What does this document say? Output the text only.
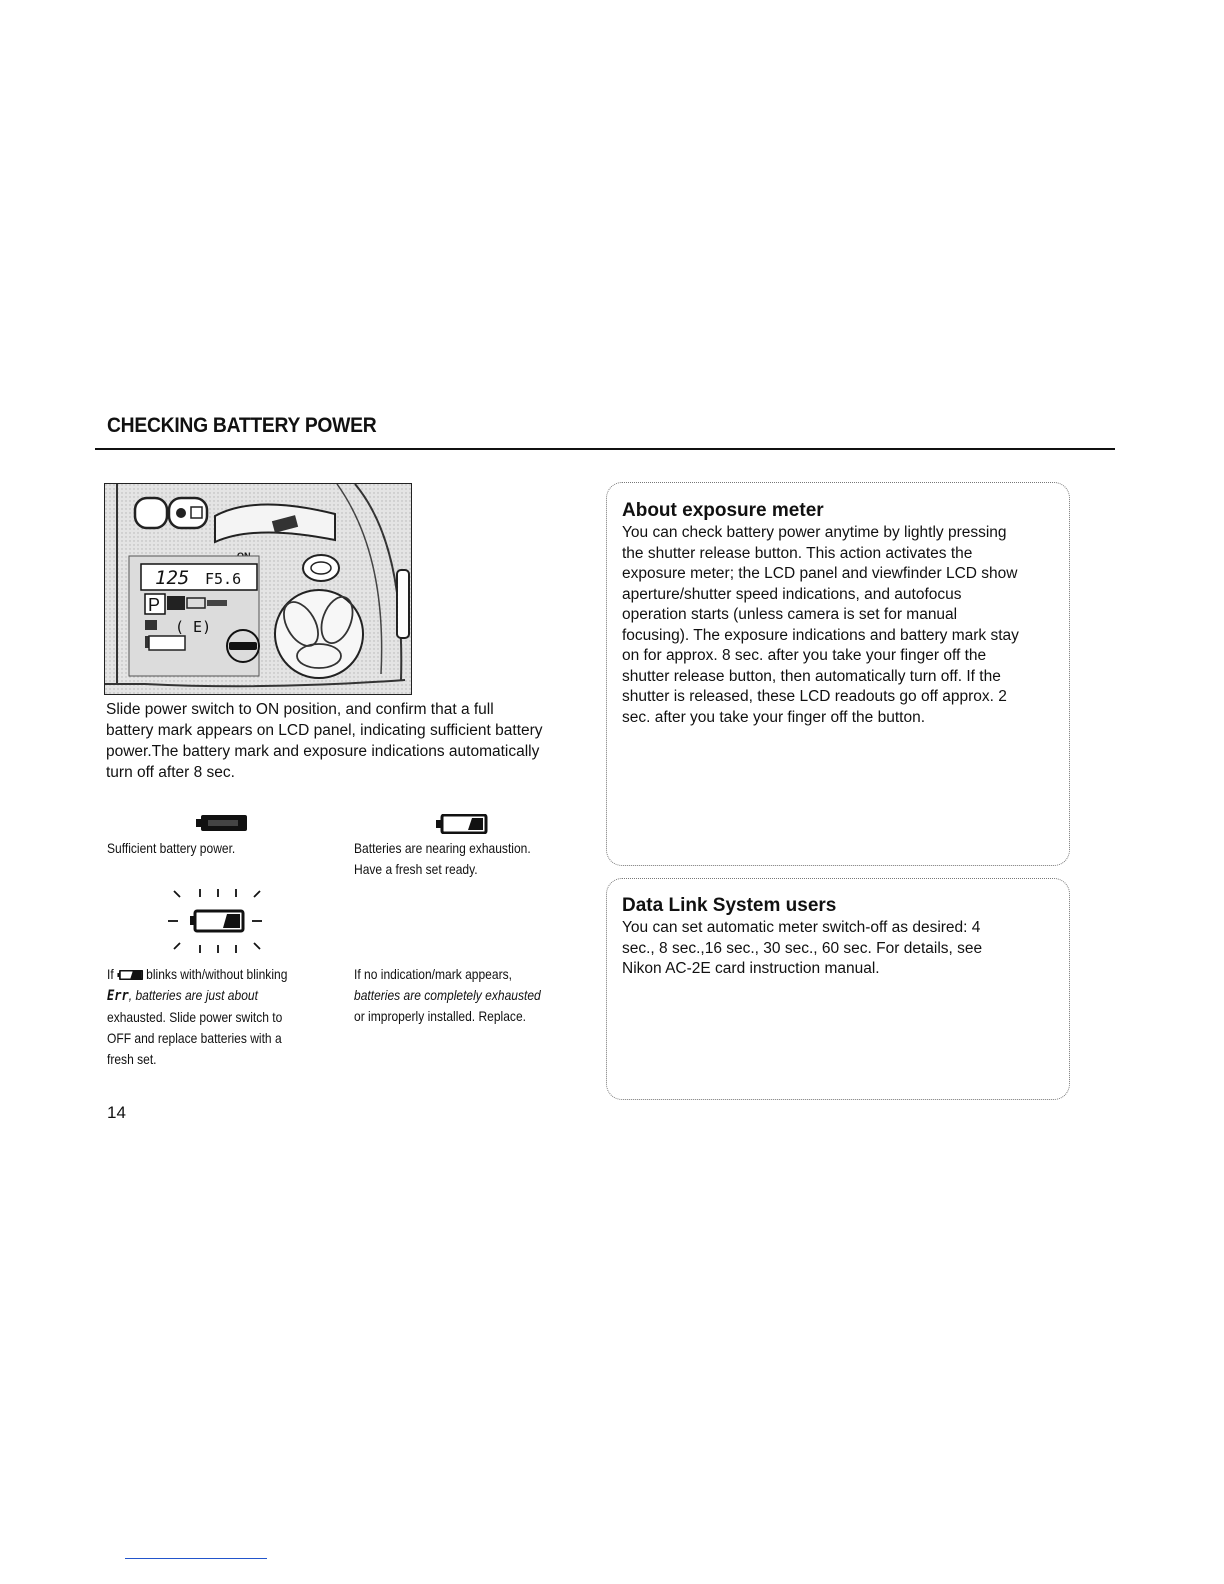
CHECKING BATTERY POWER
125 F5.6
P
( E)
Slide power switch to ON position, and confirm that a full
battery mark appears on LCD panel, indicating sufficient battery
power.The battery mark and exposure indications automatically
turn off after 8 sec.
Sufficient battery power.	Batteries are nearing exhaustion.
Have a fresh set ready.
If blinks with/without blinking
Err, batteries are just about
exhausted. Slide power switch to
OFF and replace batteries with a
fresh set.
If no indication/mark appears,
batteries are completely exhausted
or improperly installed. Replace.
14
About exposure meter
You can check battery power anytime by lightly pressing
the shutter release button. This action activates the
exposure meter; the LCD panel and viewfinder LCD show
aperture/shutter speed indications, and autofocus
operation starts (unless camera is set for manual
focusing). The exposure indications and battery mark stay
on for approx. 8 sec. after you take your finger off the
shutter release button, then automatically turn off. If the
shutter is released, these LCD readouts go off approx. 2
sec. after you take your finger off the button.
Data Link System users
You can set automatic meter switch-off as desired: 4
sec., 8 sec.,16 sec., 30 sec., 60 sec. For details, see
Nikon AC-2E card instruction manual.
